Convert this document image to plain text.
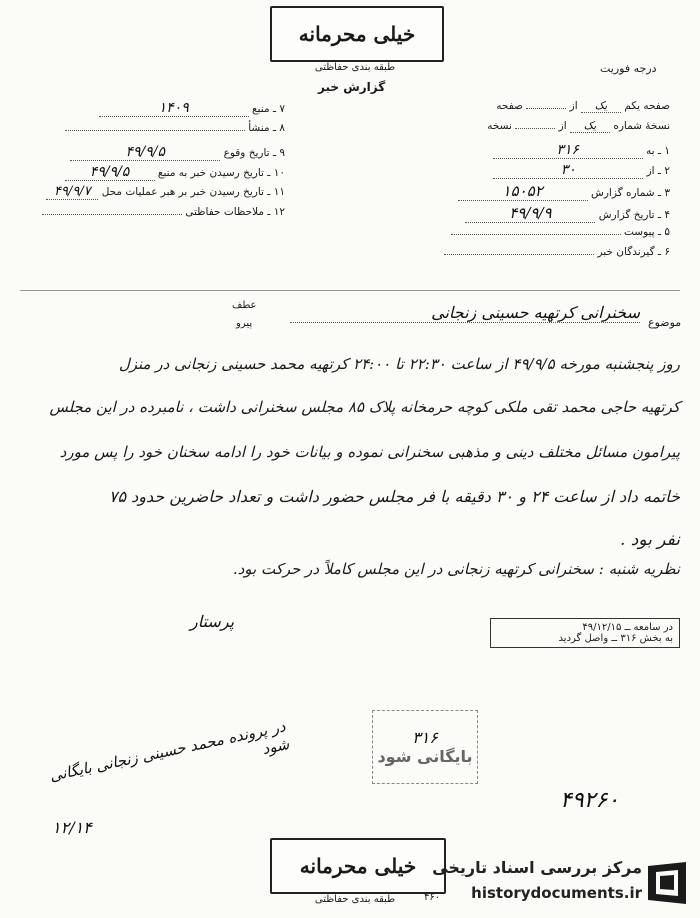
خیلی محرمانه
طبقه بندی حفاظتی	درجه فوریت
گزارش خبر
صفحه یکم یک از  صفحه
نسخهٔ شماره یک از  نسخه
۱ ـ به ۳۱۶
۲ ـ از ۳۰
۳ ـ شماره گزارش ۱۵۰۵۲
۴ ـ تاریخ گزارش ۴۹/۹/۹
۵ ـ پیوست
۶ ـ گیرندگان خبر
۷ ـ منبع ۱۴۰۹
۸ ـ منشأ
۹ ـ تاریخ وقوع ۴۹/۹/۵
۱۰ ـ تاریخ رسیدن خبر به منبع ۴۹/۹/۵
۱۱ ـ تاریخ رسیدن خبر بر هبر عملیات محل ۴۹/۹/۷
۱۲ ـ ملاحظات حفاظتی
عطف
پیرو	موضوع
سخنرانی کرتهیه حسینی زنجانی
روز پنجشنبه مورخه ۴۹/۹/۵ از ساعت ۲۲:۳۰ تا ۲۴:۰۰ کرتهیه محمد حسینی زنجانی در منزل
کرتهیه حاجی محمد تقی ملکی کوچه حرمخانه پلاک ۸۵ مجلس سخنرانی داشت ، نامبرده در این مجلس
پیرامون مسائل مختلف دینی و مذهبی سخنرانی نموده و بیانات خود را ادامه سخنان خود را پس مورد
خاتمه داد از ساعت ۲۴ و ۳۰ دقیقه با فر مجلس حضور داشت و تعداد حاضرین حدود ۷۵
نفر بود .
نظریه شنبه : سخنرانی کرتهیه زنجانی در این مجلس کاملاً در حرکت بود.
پرستار	در سامعه ــ ۴۹/۱۲/۱۵
به بخش ۳۱۶ ــ واصل گردید
۳۱۶
بایگانی شود
در پرونده محمد حسینی زنجانی بایگانی شود
۱۲/۱۴
۴۹۲۶۰
خیلی محرمانه
طبقه بندی حفاظتی
مرکز بررسی اسناد تاریخی
historydocuments.ir
۴۶۰
